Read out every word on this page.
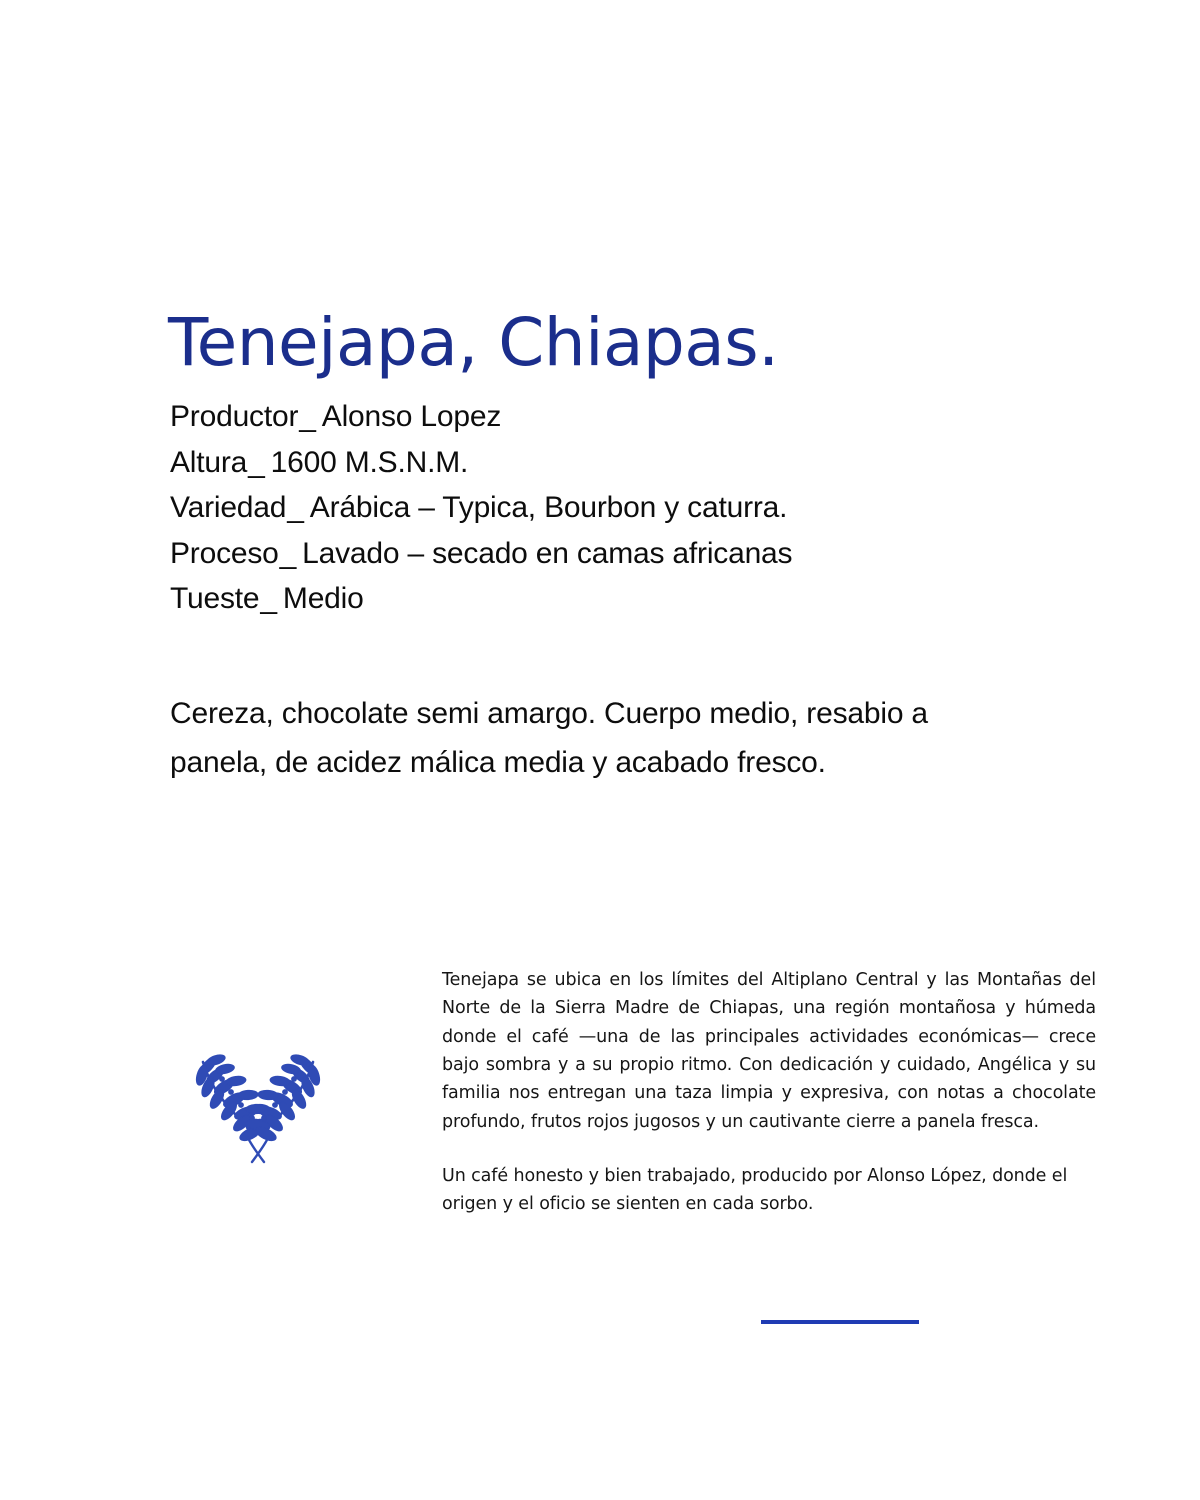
Tenejapa, Chiapas.
Productor_ Alonso Lopez
Altura_ 1600 M.S.N.M.
Variedad_ Arábica – Typica, Bourbon y caturra.
Proceso_ Lavado – secado en camas africanas
Tueste_ Medio
Cereza, chocolate semi amargo. Cuerpo medio, resabio a panela, de acidez málica media y acabado fresco.

Tenejapa se ubica en los límites del Altiplano Central y las Montañas del Norte de la Sierra Madre de Chiapas, una región montañosa y húmeda donde el café —una de las principales actividades económicas— crece bajo sombra y a su propio ritmo. Con dedicación y cuidado, Angélica y su familia nos entregan una taza limpia y expresiva, con notas a chocolate profundo, frutos rojos jugosos y un cautivante cierre a panela fresca.

Un café honesto y bien trabajado, producido por Alonso López, donde el origen y el oficio se sienten en cada sorbo.
